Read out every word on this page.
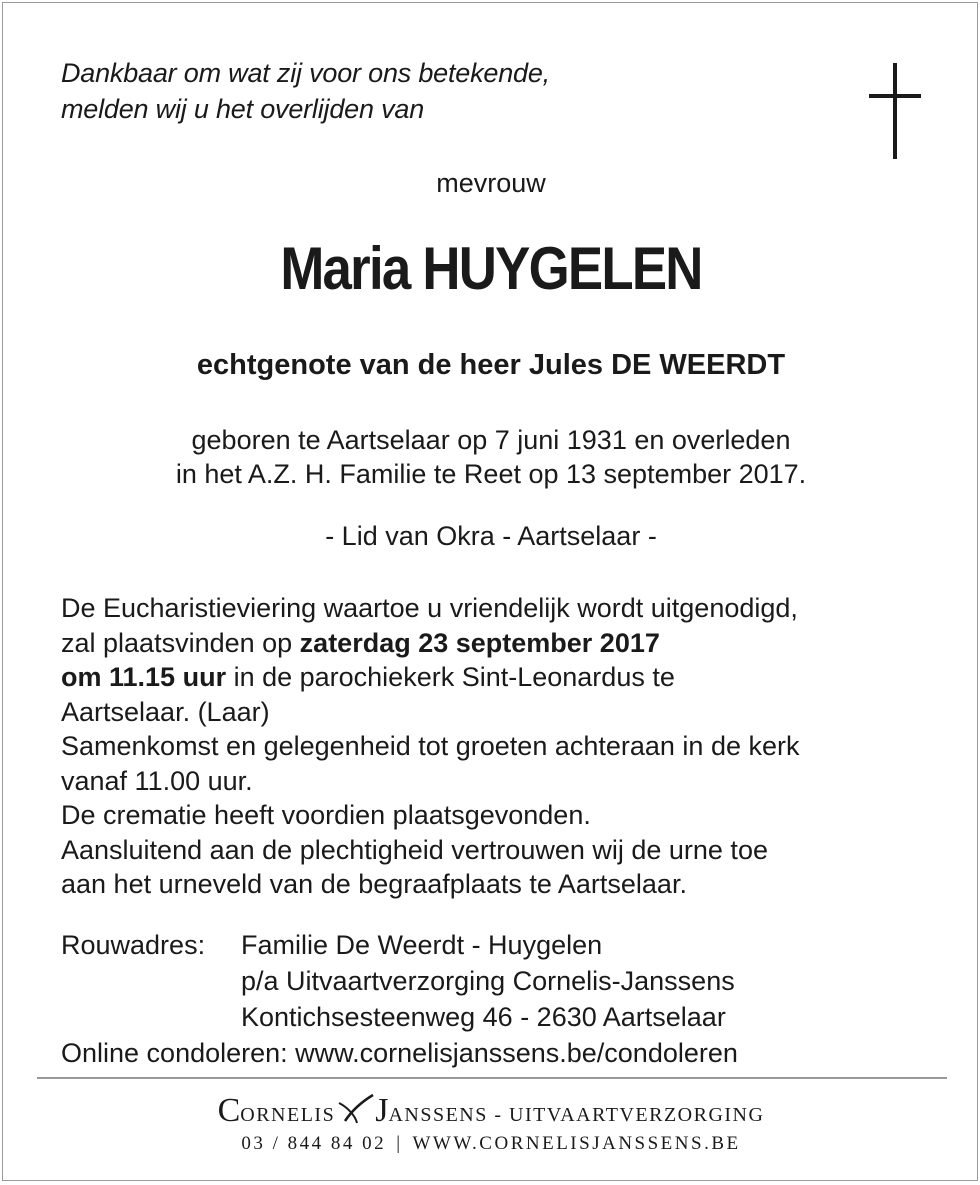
Dankbaar om wat zij voor ons betekende,
melden wij u het overlijden van
mevrouw
Maria HUYGELEN
echtgenote van de heer Jules DE WEERDT
geboren te Aartselaar op 7 juni 1931 en overleden
in het A.Z. H. Familie te Reet op 13 september 2017.
- Lid van Okra - Aartselaar -
De Eucharistieviering waartoe u vriendelijk wordt uitgenodigd,
zal plaatsvinden op zaterdag 23 september 2017
om 11.15 uur in de parochiekerk Sint-Leonardus te
Aartselaar. (Laar)
Samenkomst en gelegenheid tot groeten achteraan in de kerk
vanaf 11.00 uur.
De crematie heeft voordien plaatsgevonden.
Aansluitend aan de plechtigheid vertrouwen wij de urne toe
aan het urneveld van de begraafplaats te Aartselaar.
Rouwadres:	Familie De Weerdt - Huygelen
p/a Uitvaartverzorging Cornelis-Janssens
Kontichsesteenweg 46 - 2630 Aartselaar
Online condoleren: www.cornelisjanssens.be/condoleren
C ORNELIS J ANSSENS - UITVAARTVERZORGING
03 / 844 84 02 | WWW.CORNELISJANSSENS.BE
